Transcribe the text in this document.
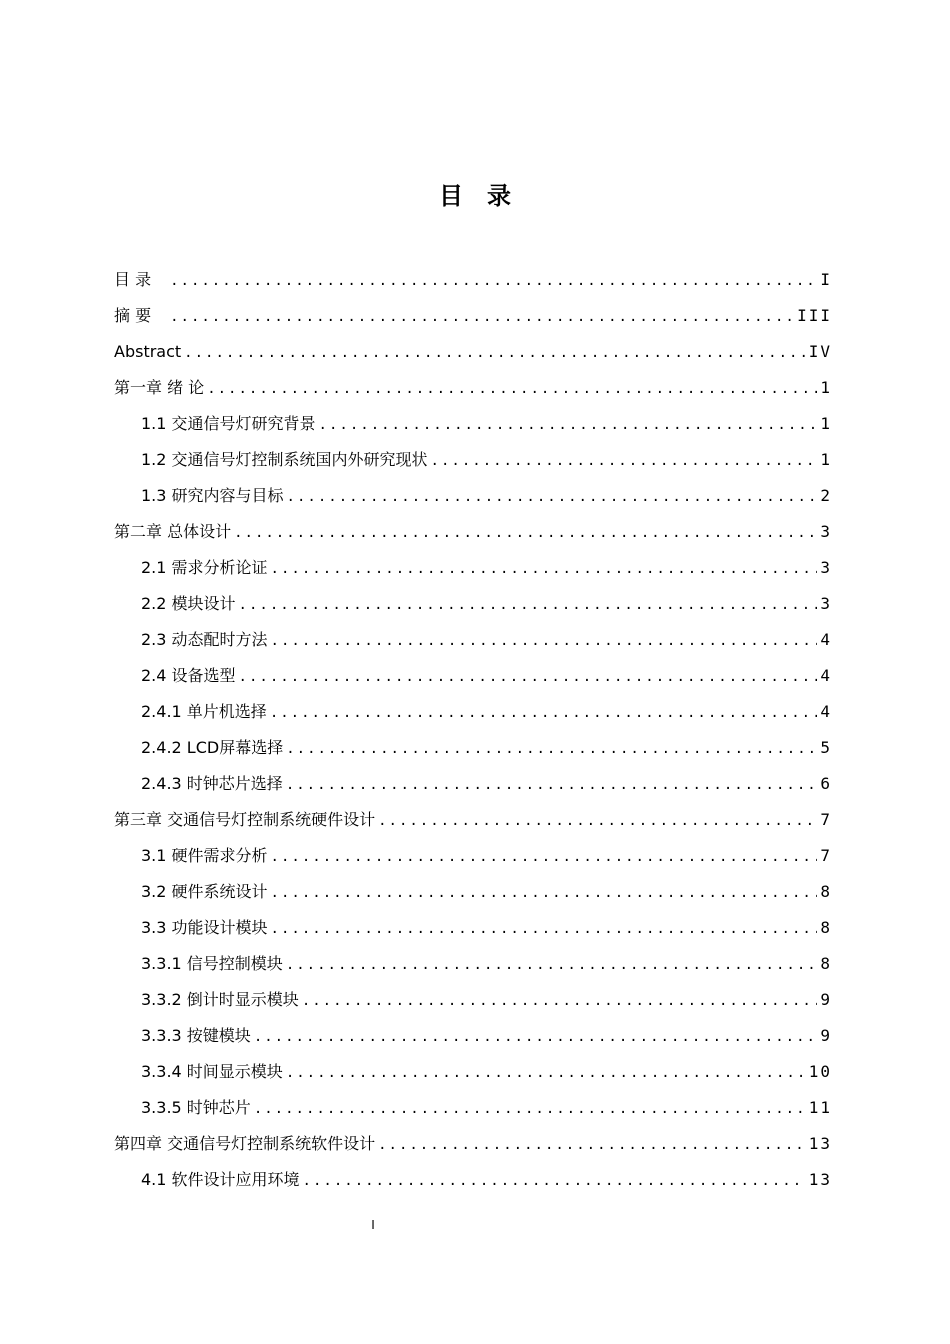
目　录
目 录 .....	I
摘 要 .....	III
Abstract .....	IV
第一章 绪 论 .....	1
1.1 交通信号灯研究背景 .....	1
1.2 交通信号灯控制系统国内外研究现状 .....	1
1.3 研究内容与目标 .....	2
第二章 总体设计 .....	3
2.1 需求分析论证 .....	3
2.2 模块设计 .....	3
2.3 动态配时方法 .....	4
2.4 设备选型 .....	4
2.4.1 单片机选择 .....	4
2.4.2 LCD屏幕选择 .....	5
2.4.3 时钟芯片选择 .....	6
第三章 交通信号灯控制系统硬件设计 .....	7
3.1 硬件需求分析 .....	7
3.2 硬件系统设计 .....	8
3.3 功能设计模块 .....	8
3.3.1 信号控制模块 .....	8
3.3.2 倒计时显示模块 .....	9
3.3.3 按键模块 .....	9
3.3.4 时间显示模块 .....	10
3.3.5 时钟芯片 .....	11
第四章 交通信号灯控制系统软件设计 .....	13
4.1 软件设计应用环境 .....	13
I
